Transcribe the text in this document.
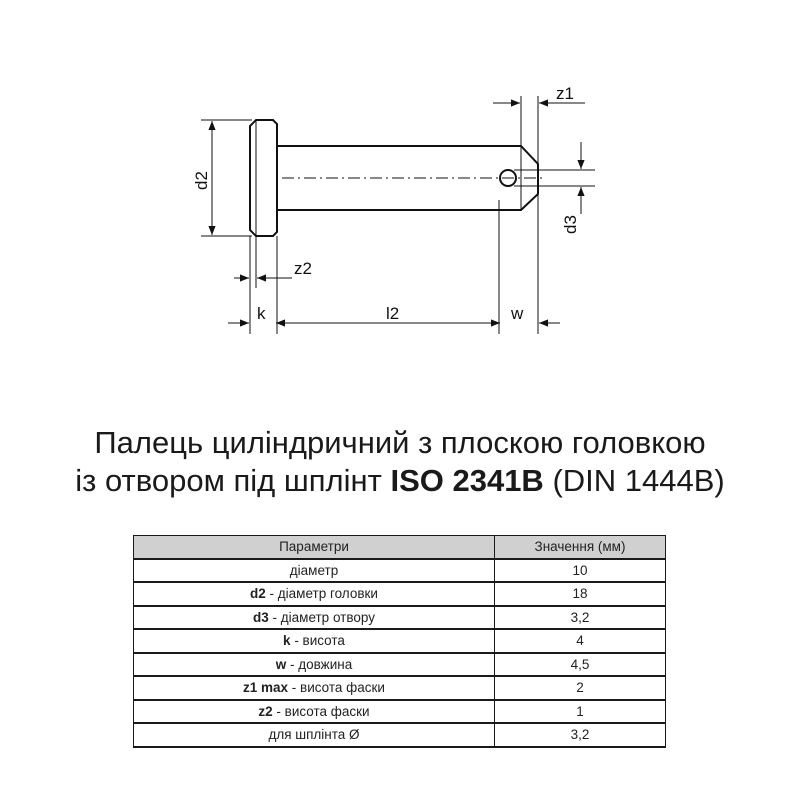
d2
d3
z1
z2
k	l2	w
Палець циліндричний з плоскою головкою
із отвором під шплінт ISO 2341B (DIN 1444B)
Параметри	Значення (мм)
діаметр	10
d2 - діаметр головки	18
d3 - діаметр отвору	3,2
k - висота	4
w - довжина	4,5
z1 max - висота фаски	2
z2 - висота фаски	1
для шплінта Ø	3,2
